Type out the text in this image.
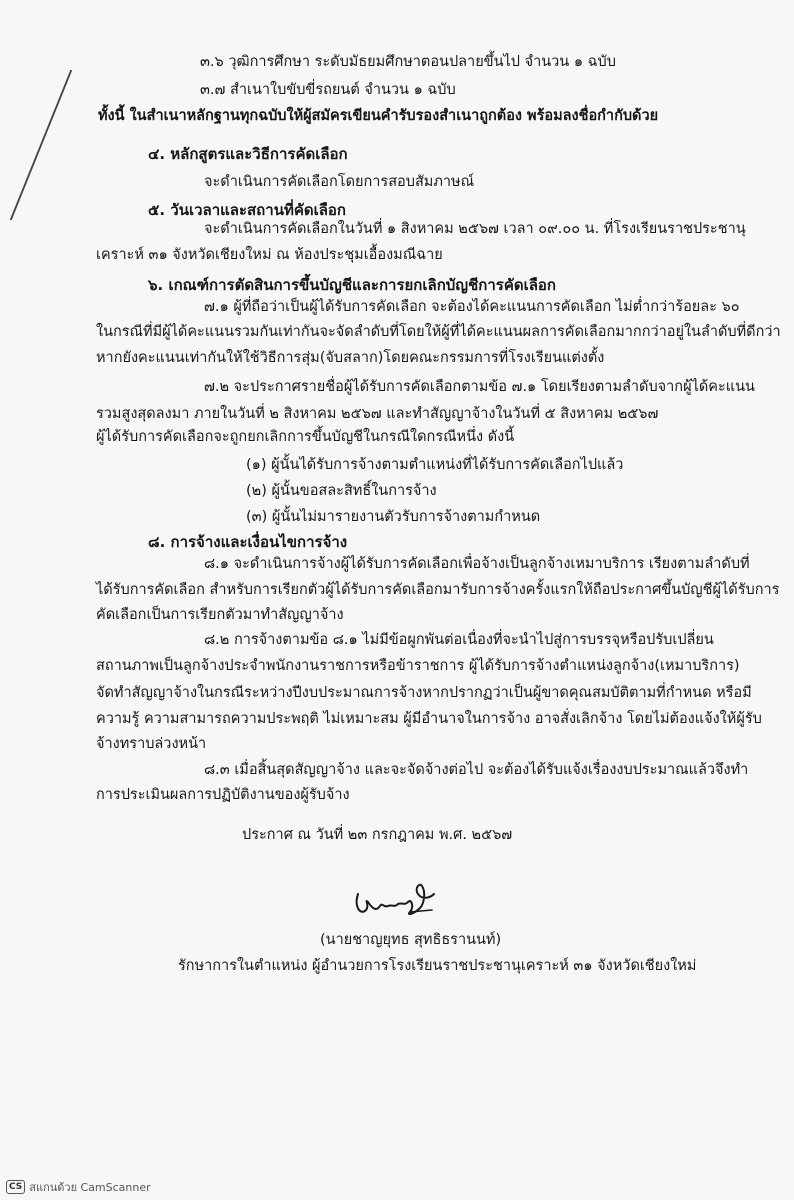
๓.๖ วุฒิการศึกษา ระดับมัธยมศึกษาตอนปลายขึ้นไป จำนวน ๑ ฉบับ
๓.๗ สำเนาใบขับขี่รถยนต์ จำนวน ๑ ฉบับ
ทั้งนี้ ในสำเนาหลักฐานทุกฉบับให้ผู้สมัครเขียนคำรับรองสำเนาถูกต้อง พร้อมลงชื่อกำกับด้วย
๔. หลักสูตรและวิธีการคัดเลือก
จะดำเนินการคัดเลือกโดยการสอบสัมภาษณ์
๕. วันเวลาและสถานที่คัดเลือก
จะดำเนินการคัดเลือกในวันที่ ๑ สิงหาคม ๒๕๖๗ เวลา ๐๙.๐๐ น. ที่โรงเรียนราชประชานุ
เคราะห์ ๓๑ จังหวัดเชียงใหม่ ณ ห้องประชุมเอื้องมณีฉาย
๖. เกณฑ์การตัดสินการขึ้นบัญชีและการยกเลิกบัญชีการคัดเลือก
๗.๑ ผู้ที่ถือว่าเป็นผู้ได้รับการคัดเลือก จะต้องได้คะแนนการคัดเลือก ไม่ต่ำกว่าร้อยละ ๖๐
ในกรณีที่มีผู้ได้คะแนนรวมกันเท่ากันจะจัดลำดับที่โดยให้ผู้ที่ได้คะแนนผลการคัดเลือกมากกว่าอยู่ในลำดับที่ดีกว่า
หากยังคะแนนเท่ากันให้ใช้วิธีการสุ่ม(จับสลาก)โดยคณะกรรมการที่โรงเรียนแต่งตั้ง
๗.๒ จะประกาศรายชื่อผู้ได้รับการคัดเลือกตามข้อ ๗.๑ โดยเรียงตามลำดับจากผู้ได้คะแนน
รวมสูงสุดลงมา ภายในวันที่ ๒ สิงหาคม ๒๕๖๗ และทำสัญญาจ้างในวันที่ ๕ สิงหาคม ๒๕๖๗
ผู้ได้รับการคัดเลือกจะถูกยกเลิกการขึ้นบัญชีในกรณีใดกรณีหนึ่ง ดังนี้
(๑) ผู้นั้นได้รับการจ้างตามตำแหน่งที่ได้รับการคัดเลือกไปแล้ว
(๒) ผู้นั้นขอสละสิทธิ์ในการจ้าง
(๓) ผู้นั้นไม่มารายงานตัวรับการจ้างตามกำหนด
๘. การจ้างและเงื่อนไขการจ้าง
๘.๑ จะดำเนินการจ้างผู้ได้รับการคัดเลือกเพื่อจ้างเป็นลูกจ้างเหมาบริการ เรียงตามลำดับที่
ได้รับการคัดเลือก สำหรับการเรียกตัวผู้ได้รับการคัดเลือกมารับการจ้างครั้งแรกให้ถือประกาศขึ้นบัญชีผู้ได้รับการ
คัดเลือกเป็นการเรียกตัวมาทำสัญญาจ้าง
๘.๒ การจ้างตามข้อ ๘.๑ ไม่มีข้อผูกพันต่อเนื่องที่จะนำไปสู่การบรรจุหรือปรับเปลี่ยน
สถานภาพเป็นลูกจ้างประจำพนักงานราชการหรือข้าราชการ ผู้ได้รับการจ้างตำแหน่งลูกจ้าง(เหมาบริการ)
จัดทำสัญญาจ้างในกรณีระหว่างปีงบประมาณการจ้างหากปรากฏว่าเป็นผู้ขาดคุณสมบัติตามที่กำหนด หรือมี
ความรู้ ความสามารถความประพฤติ ไม่เหมาะสม ผู้มีอำนาจในการจ้าง อาจสั่งเลิกจ้าง โดยไม่ต้องแจ้งให้ผู้รับ
จ้างทราบล่วงหน้า
๘.๓ เมื่อสิ้นสุดสัญญาจ้าง และจะจัดจ้างต่อไป จะต้องได้รับแจ้งเรื่องงบประมาณแล้วจึงทำ
การประเมินผลการปฏิบัติงานของผู้รับจ้าง
ประกาศ ณ วันที่ ๒๓ กรกฎาคม พ.ศ. ๒๕๖๗
(นายชาญยุทธ สุทธิธรานนท์)
รักษาการในตำแหน่ง ผู้อำนวยการโรงเรียนราชประชานุเคราะห์ ๓๑ จังหวัดเชียงใหม่
CS สแกนด้วย CamScanner
